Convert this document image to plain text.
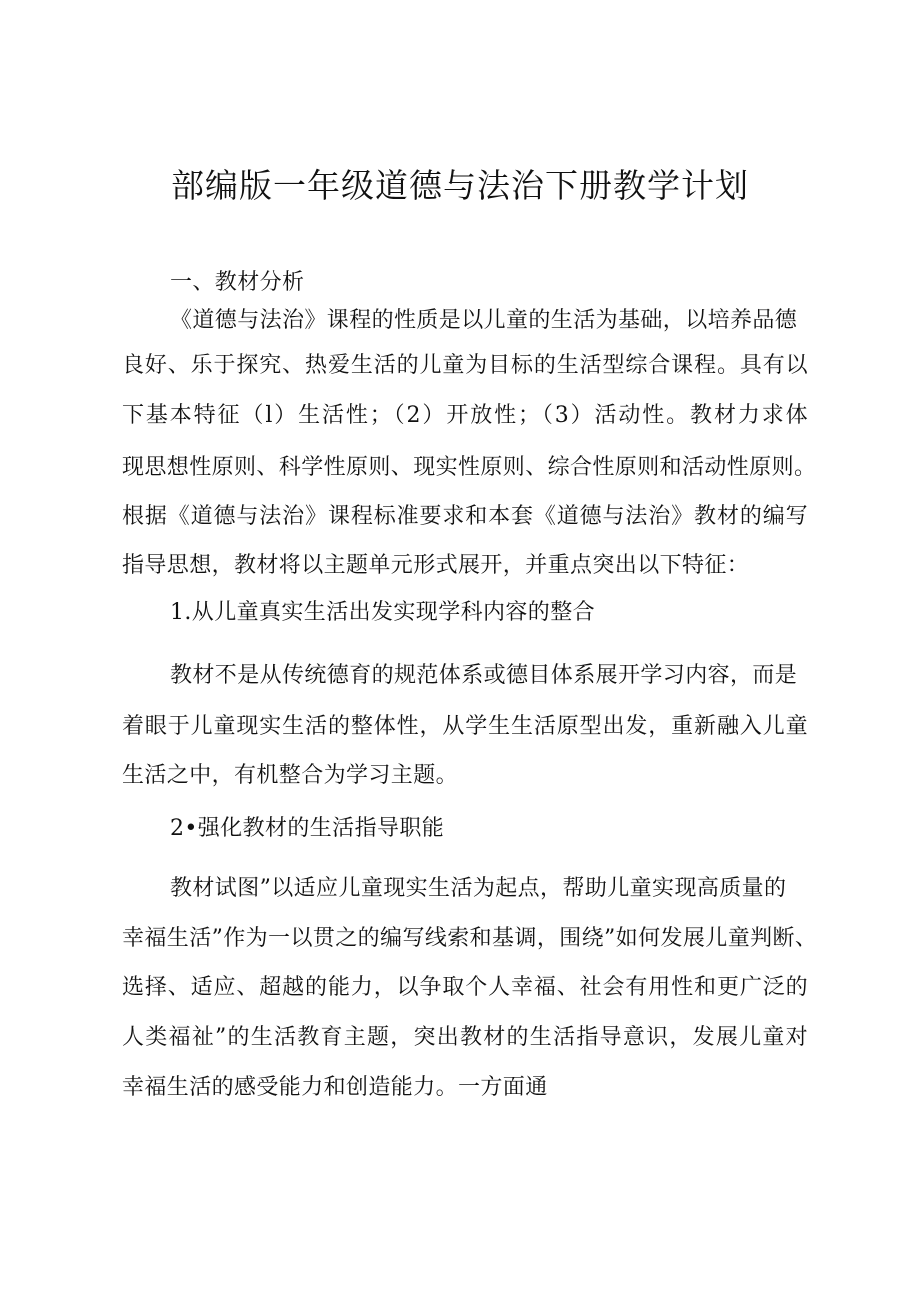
部编版一年级道德与法治下册教学计划
一、教材分析
《道德与法治》课程的性质是以儿童的生活为基础，以培养品德
良好、乐于探究、热爱生活的儿童为目标的生活型综合课程。具有以
下基本特征（l）生活性；（2）开放性；（3）活动性。教材力求体
现思想性原则、科学性原则、现实性原则、综合性原则和活动性原则。
根据《道德与法治》课程标准要求和本套《道德与法治》教材的编写
指导思想，教材将以主题单元形式展开，并重点突出以下特征：
1.从儿童真实生活出发实现学科内容的整合
教材不是从传统德育的规范体系或德目体系展开学习内容，而是
着眼于儿童现实生活的整体性，从学生生活原型出发，重新融入儿童
生活之中，有机整合为学习主题。
2•强化教材的生活指导职能
教材试图”以适应儿童现实生活为起点，帮助儿童实现高质量的
幸福生活”作为一以贯之的编写线索和基调，围绕”如何发展儿童判断、
选择、适应、超越的能力，以争取个人幸福、社会有用性和更广泛的
人类福祉”的生活教育主题，突出教材的生活指导意识，发展儿童对
幸福生活的感受能力和创造能力。一方面通
